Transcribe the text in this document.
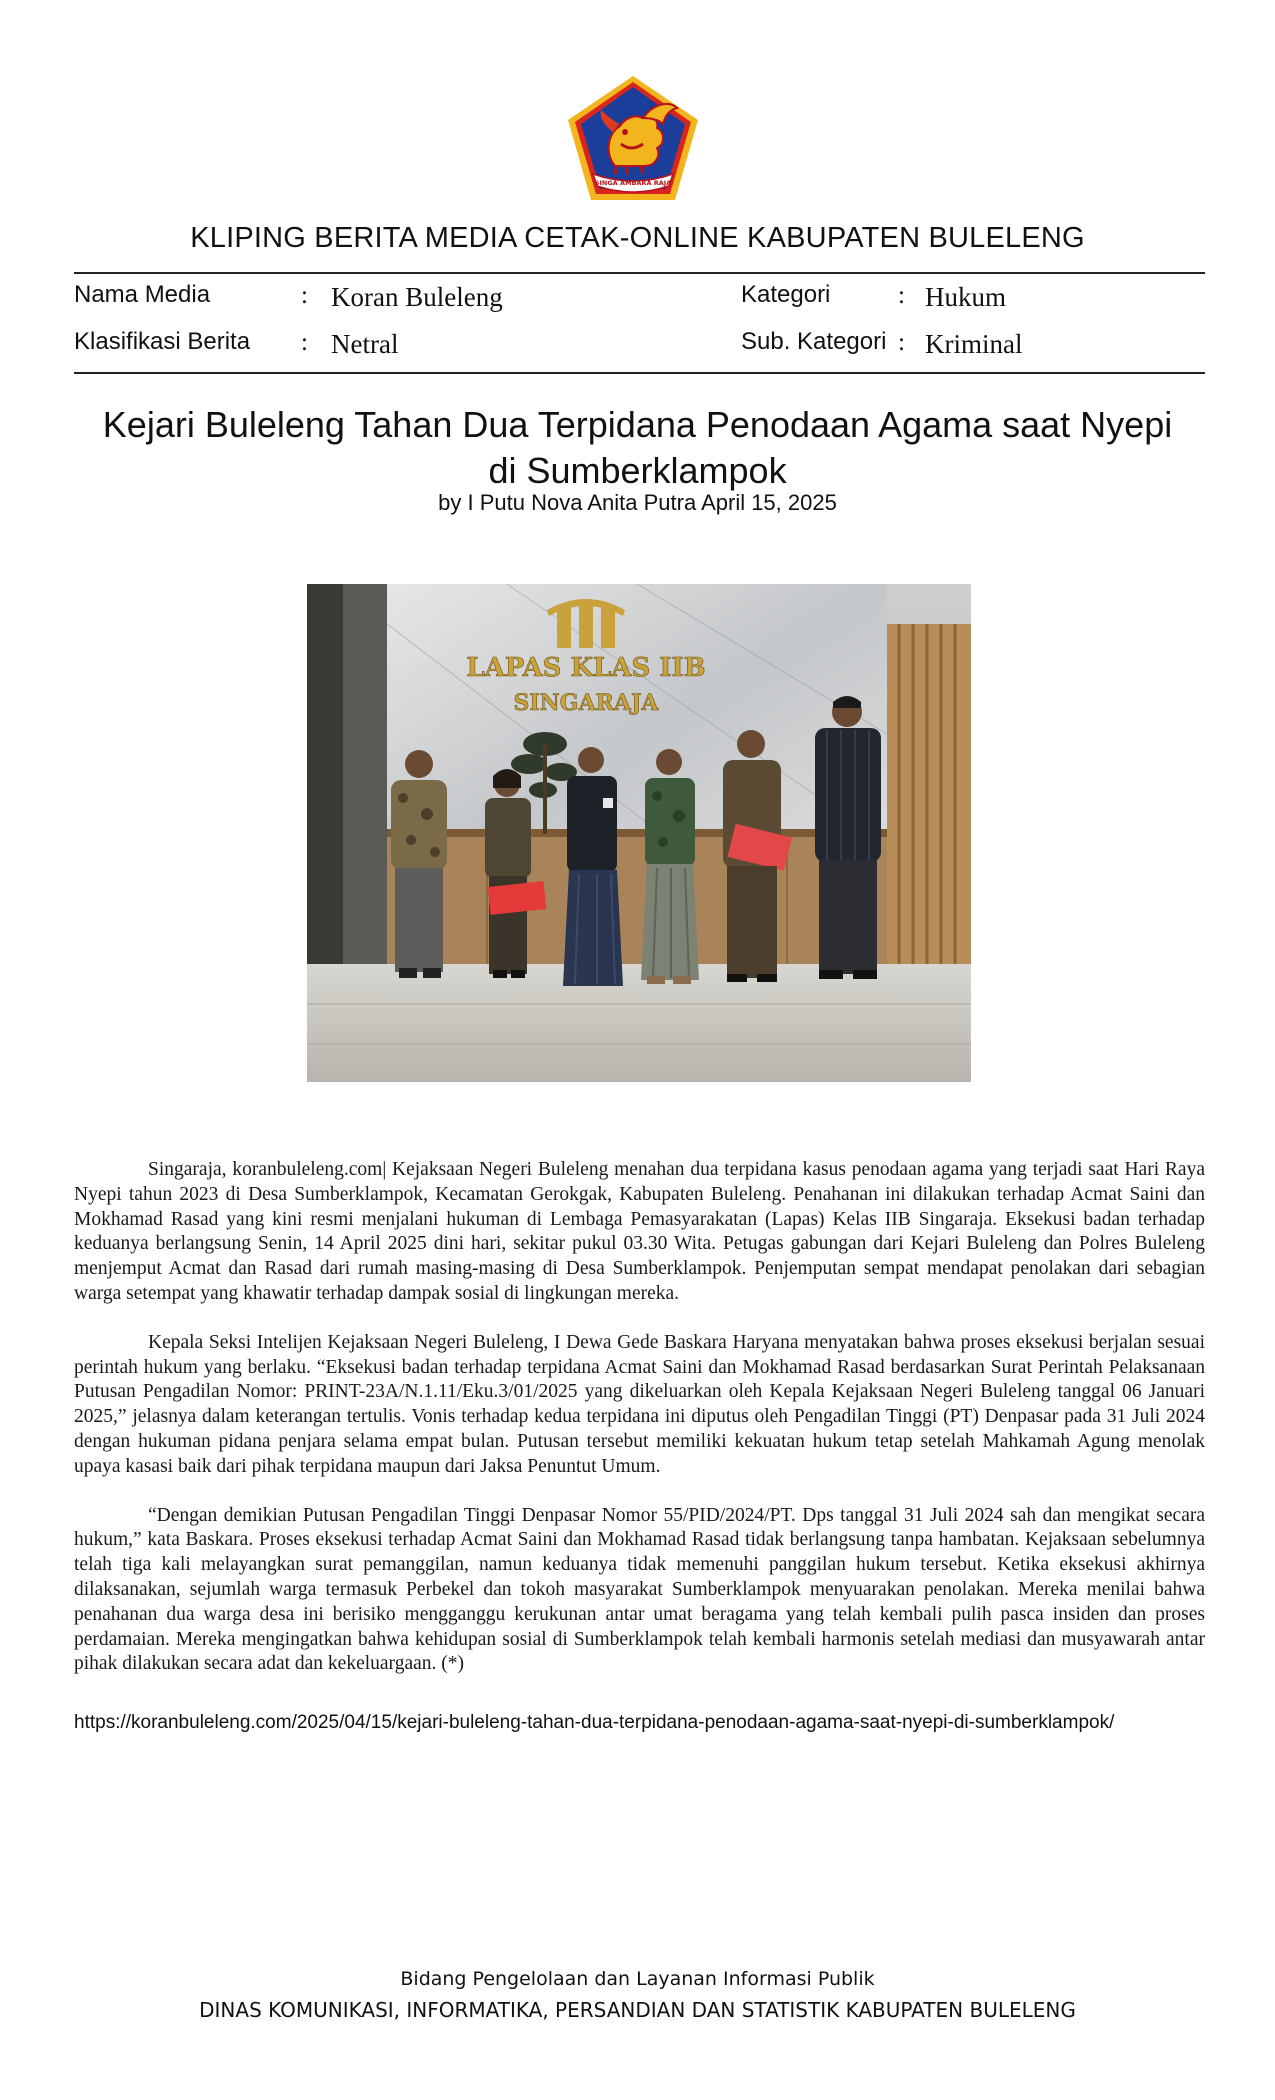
SINGA AMBARA RAJA
KLIPING BERITA MEDIA CETAK-ONLINE KABUPATEN BULELENG
Nama Media	: Koran Buleleng
Klasifikasi Berita : Netral
Kategori	: Hukum
Sub. Kategori : Kriminal
Kejari Buleleng Tahan Dua Terpidana Penodaan Agama saat Nyepi
di Sumberklampok
by I Putu Nova Anita Putra April 15, 2025
LAPAS KLAS IIB
SINGARAJA

Singaraja, koranbuleleng.com| Kejaksaan Negeri Buleleng menahan dua terpidana kasus penodaan agama yang terjadi saat Hari Raya Nyepi tahun 2023 di Desa Sumberklampok, Kecamatan Gerokgak, Kabupaten Buleleng. Penahanan ini dilakukan terhadap Acmat Saini dan Mokhamad Rasad yang kini resmi menjalani hukuman di Lembaga Pemasyarakatan (Lapas) Kelas IIB Singaraja. Eksekusi badan terhadap keduanya berlangsung Senin, 14 April 2025 dini hari, sekitar pukul 03.30 Wita. Petugas gabungan dari Kejari Buleleng dan Polres Buleleng menjemput Acmat dan Rasad dari rumah masing-masing di Desa Sumberklampok. Penjemputan sempat mendapat penolakan dari sebagian warga setempat yang khawatir terhadap dampak sosial di lingkungan mereka.

Kepala Seksi Intelijen Kejaksaan Negeri Buleleng, I Dewa Gede Baskara Haryana menyatakan bahwa proses eksekusi berjalan sesuai perintah hukum yang berlaku. “Eksekusi badan terhadap terpidana Acmat Saini dan Mokhamad Rasad berdasarkan Surat Perintah Pelaksanaan Putusan Pengadilan Nomor: PRINT-23A/N.1.11/Eku.3/01/2025 yang dikeluarkan oleh Kepala Kejaksaan Negeri Buleleng tanggal 06 Januari 2025,” jelasnya dalam keterangan tertulis. Vonis terhadap kedua terpidana ini diputus oleh Pengadilan Tinggi (PT) Denpasar pada 31 Juli 2024 dengan hukuman pidana penjara selama empat bulan. Putusan tersebut memiliki kekuatan hukum tetap setelah Mahkamah Agung menolak upaya kasasi baik dari pihak terpidana maupun dari Jaksa Penuntut Umum.

“Dengan demikian Putusan Pengadilan Tinggi Denpasar Nomor 55/PID/2024/PT. Dps tanggal 31 Juli 2024 sah dan mengikat secara hukum,” kata Baskara. Proses eksekusi terhadap Acmat Saini dan Mokhamad Rasad tidak berlangsung tanpa hambatan. Kejaksaan sebelumnya telah tiga kali melayangkan surat pemanggilan, namun keduanya tidak memenuhi panggilan hukum tersebut. Ketika eksekusi akhirnya dilaksanakan, sejumlah warga termasuk Perbekel dan tokoh masyarakat Sumberklampok menyuarakan penolakan. Mereka menilai bahwa penahanan dua warga desa ini berisiko mengganggu kerukunan antar umat beragama yang telah kembali pulih pasca insiden dan proses perdamaian. Mereka mengingatkan bahwa kehidupan sosial di Sumberklampok telah kembali harmonis setelah mediasi dan musyawarah antar pihak dilakukan secara adat dan kekeluargaan. (*)

https://koranbuleleng.com/2025/04/15/kejari-buleleng-tahan-dua-terpidana-penodaan-agama-saat-nyepi-di-sumberklampok/
Bidang Pengelolaan dan Layanan Informasi Publik
DINAS KOMUNIKASI, INFORMATIKA, PERSANDIAN DAN STATISTIK KABUPATEN BULELENG
